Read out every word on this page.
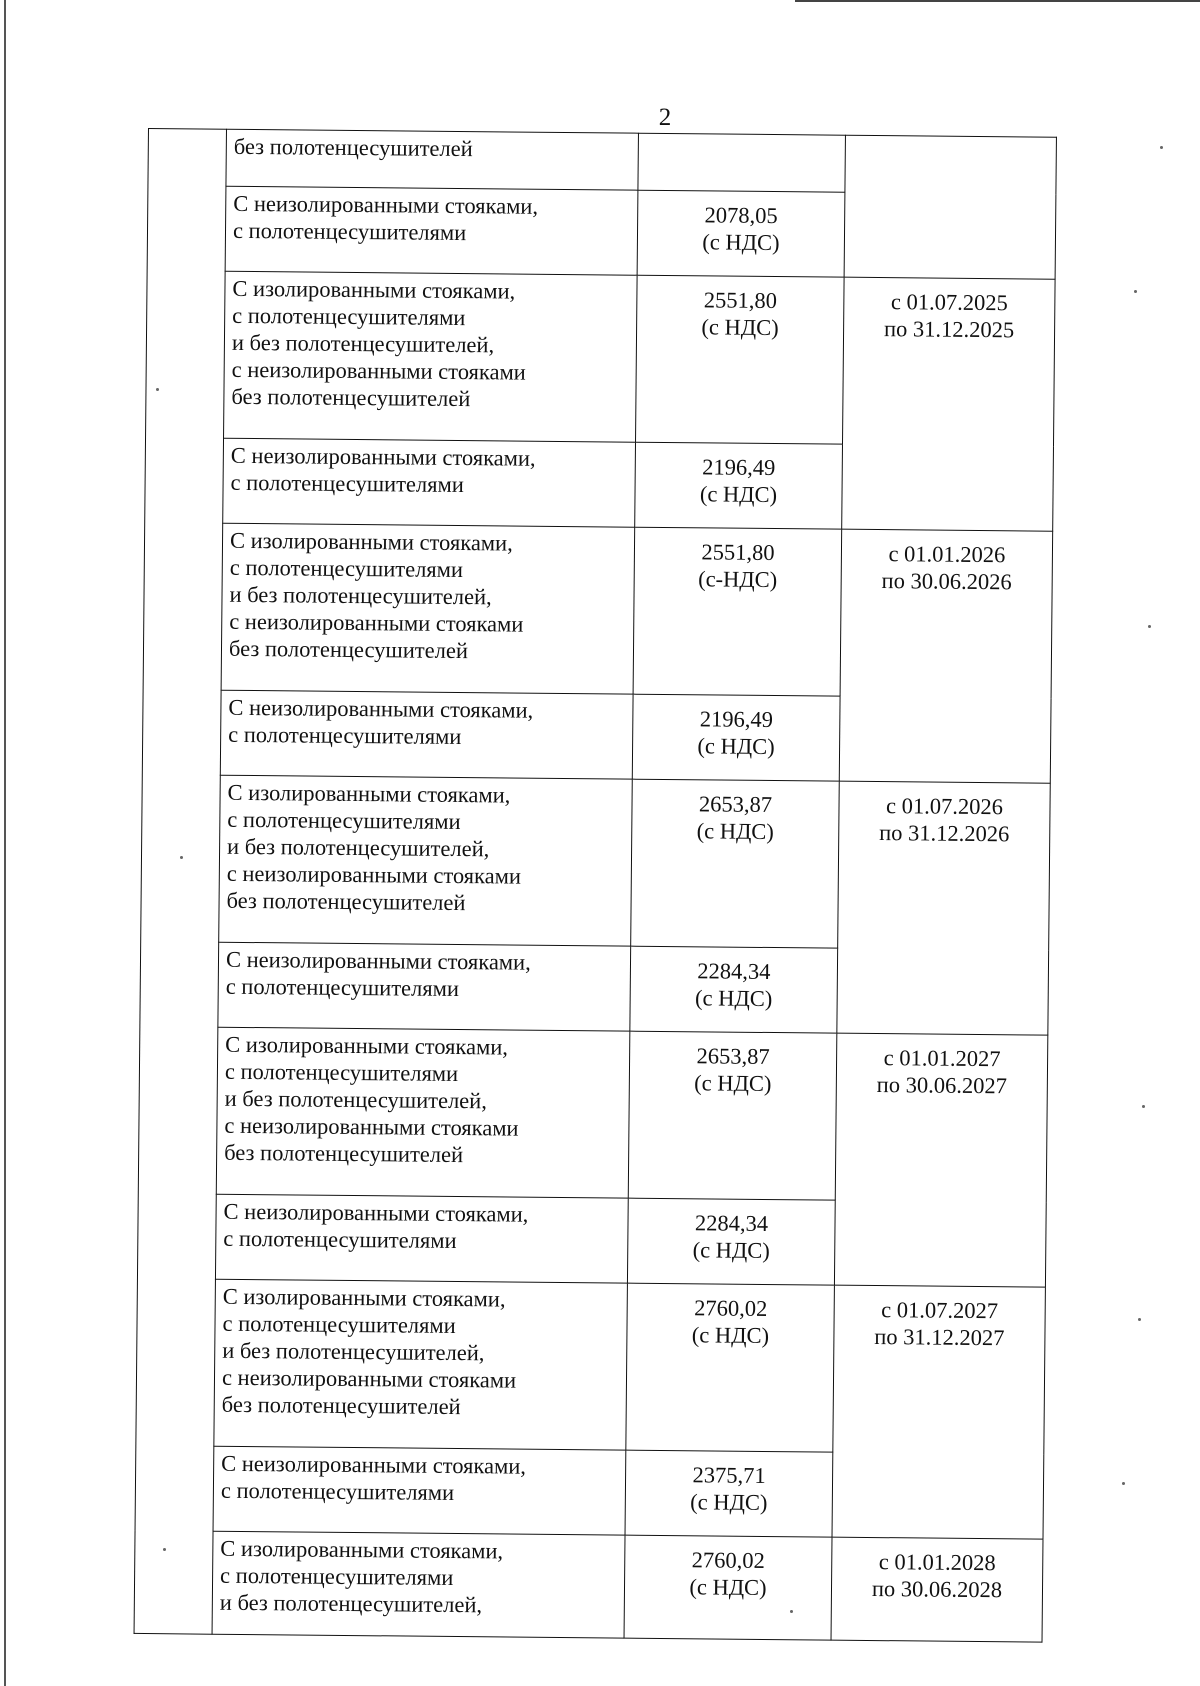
2

	без полотенцесушителей		

	С неизолированными стояками,
с полотенцесушителями	2078,05
(с НДС)	

	С изолированными стояками,
с полотенцесушителями
и без полотенцесушителей,
с неизолированными стояками
без полотенцесушителей	2551,80
(с НДС)	с 01.07.2025
по 31.12.2025

	С неизолированными стояками,
с полотенцесушителями	2196,49
(с НДС)	

	С изолированными стояками,
с полотенцесушителями
и без полотенцесушителей,
с неизолированными стояками
без полотенцесушителей	2551,80
(с-НДС)	с 01.01.2026
по 30.06.2026

	С неизолированными стояками,
с полотенцесушителями	2196,49
(с НДС)	

	С изолированными стояками,
с полотенцесушителями
и без полотенцесушителей,
с неизолированными стояками
без полотенцесушителей	2653,87
(с НДС)	с 01.07.2026
по 31.12.2026

	С неизолированными стояками,
с полотенцесушителями	2284,34
(с НДС)	

	С изолированными стояками,
с полотенцесушителями
и без полотенцесушителей,
с неизолированными стояками
без полотенцесушителей	2653,87
(с НДС)	с 01.01.2027
по 30.06.2027

	С неизолированными стояками,
с полотенцесушителями	2284,34
(с НДС)	

	С изолированными стояками,
с полотенцесушителями
и без полотенцесушителей,
с неизолированными стояками
без полотенцесушителей	2760,02
(с НДС)	с 01.07.2027
по 31.12.2027

	С неизолированными стояками,
с полотенцесушителями	2375,71
(с НДС)	

	С изолированными стояками,
с полотенцесушителями
и без полотенцесушителей,	2760,02
(с НДС)	с 01.01.2028
по 30.06.2028
